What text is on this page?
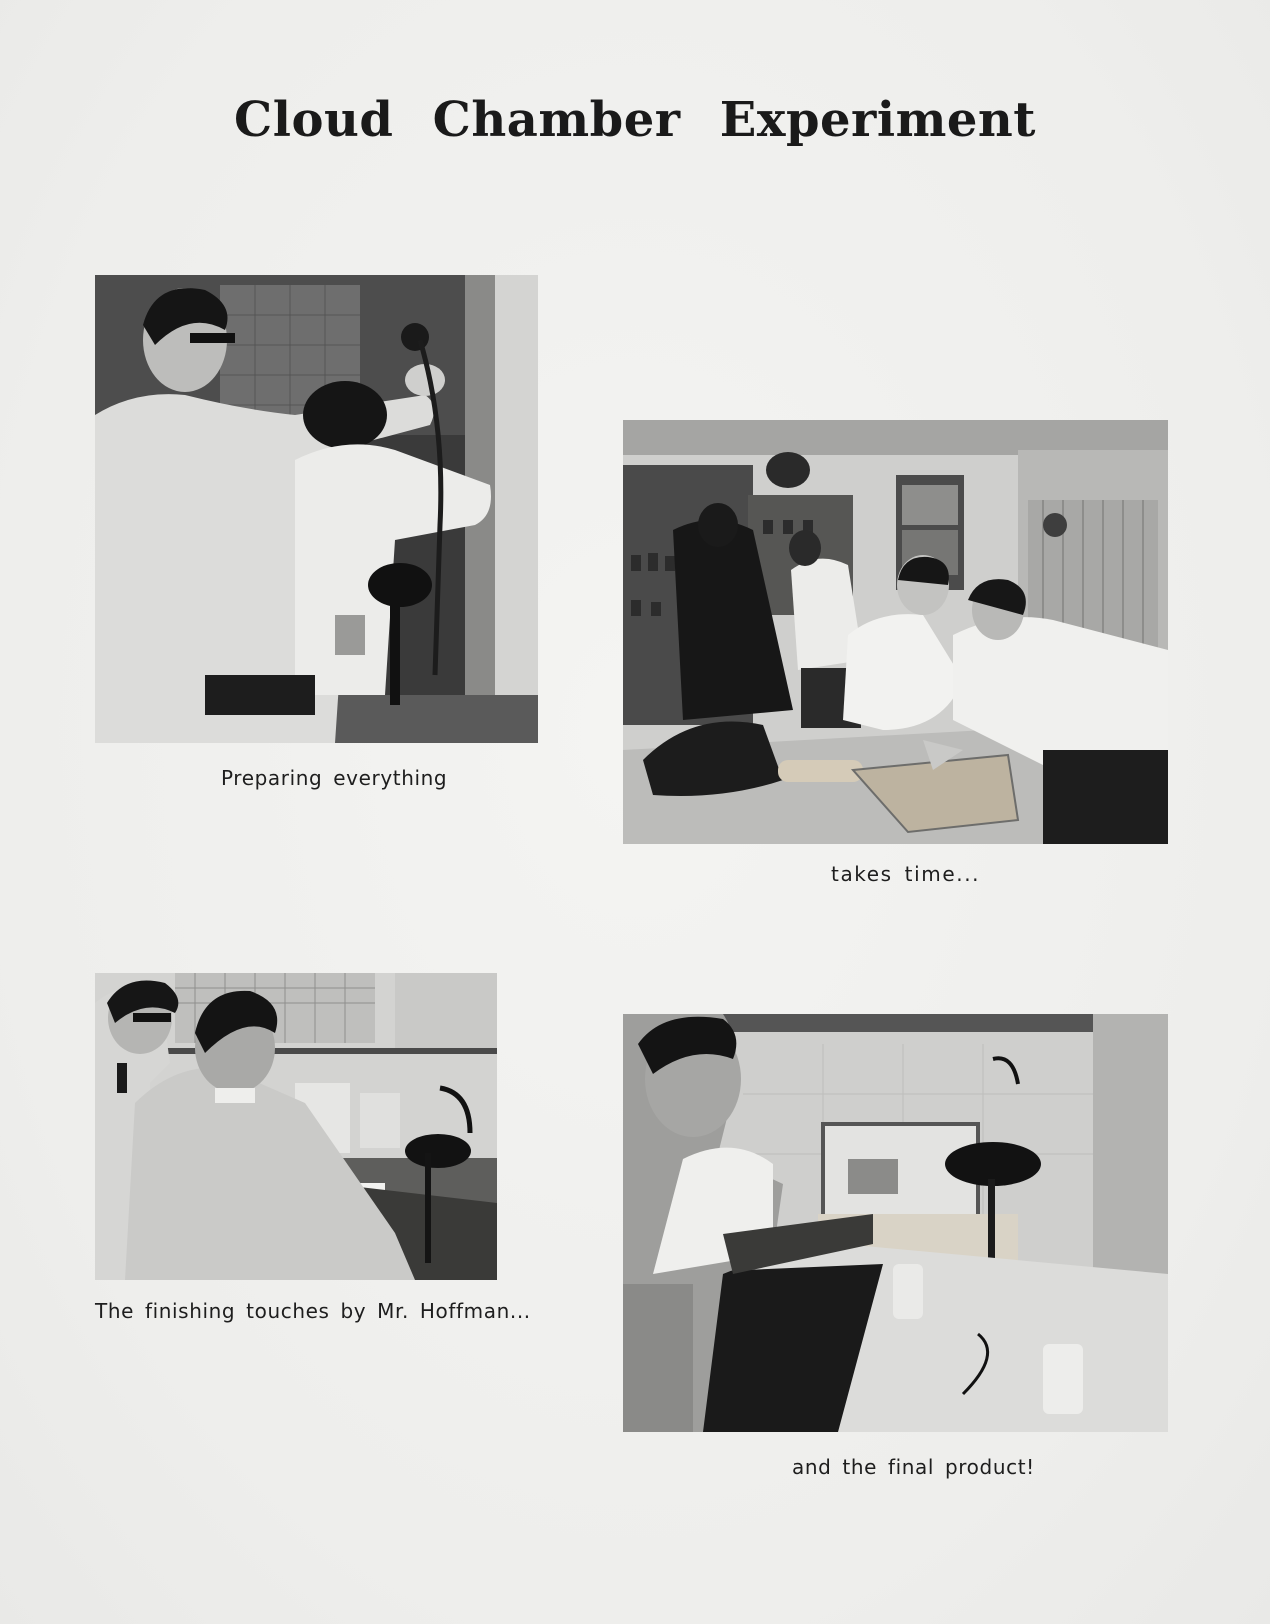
Cloud Chamber Experiment

Preparing everything

takes time...

The finishing touches by Mr. Hoffman...

and the final product!
